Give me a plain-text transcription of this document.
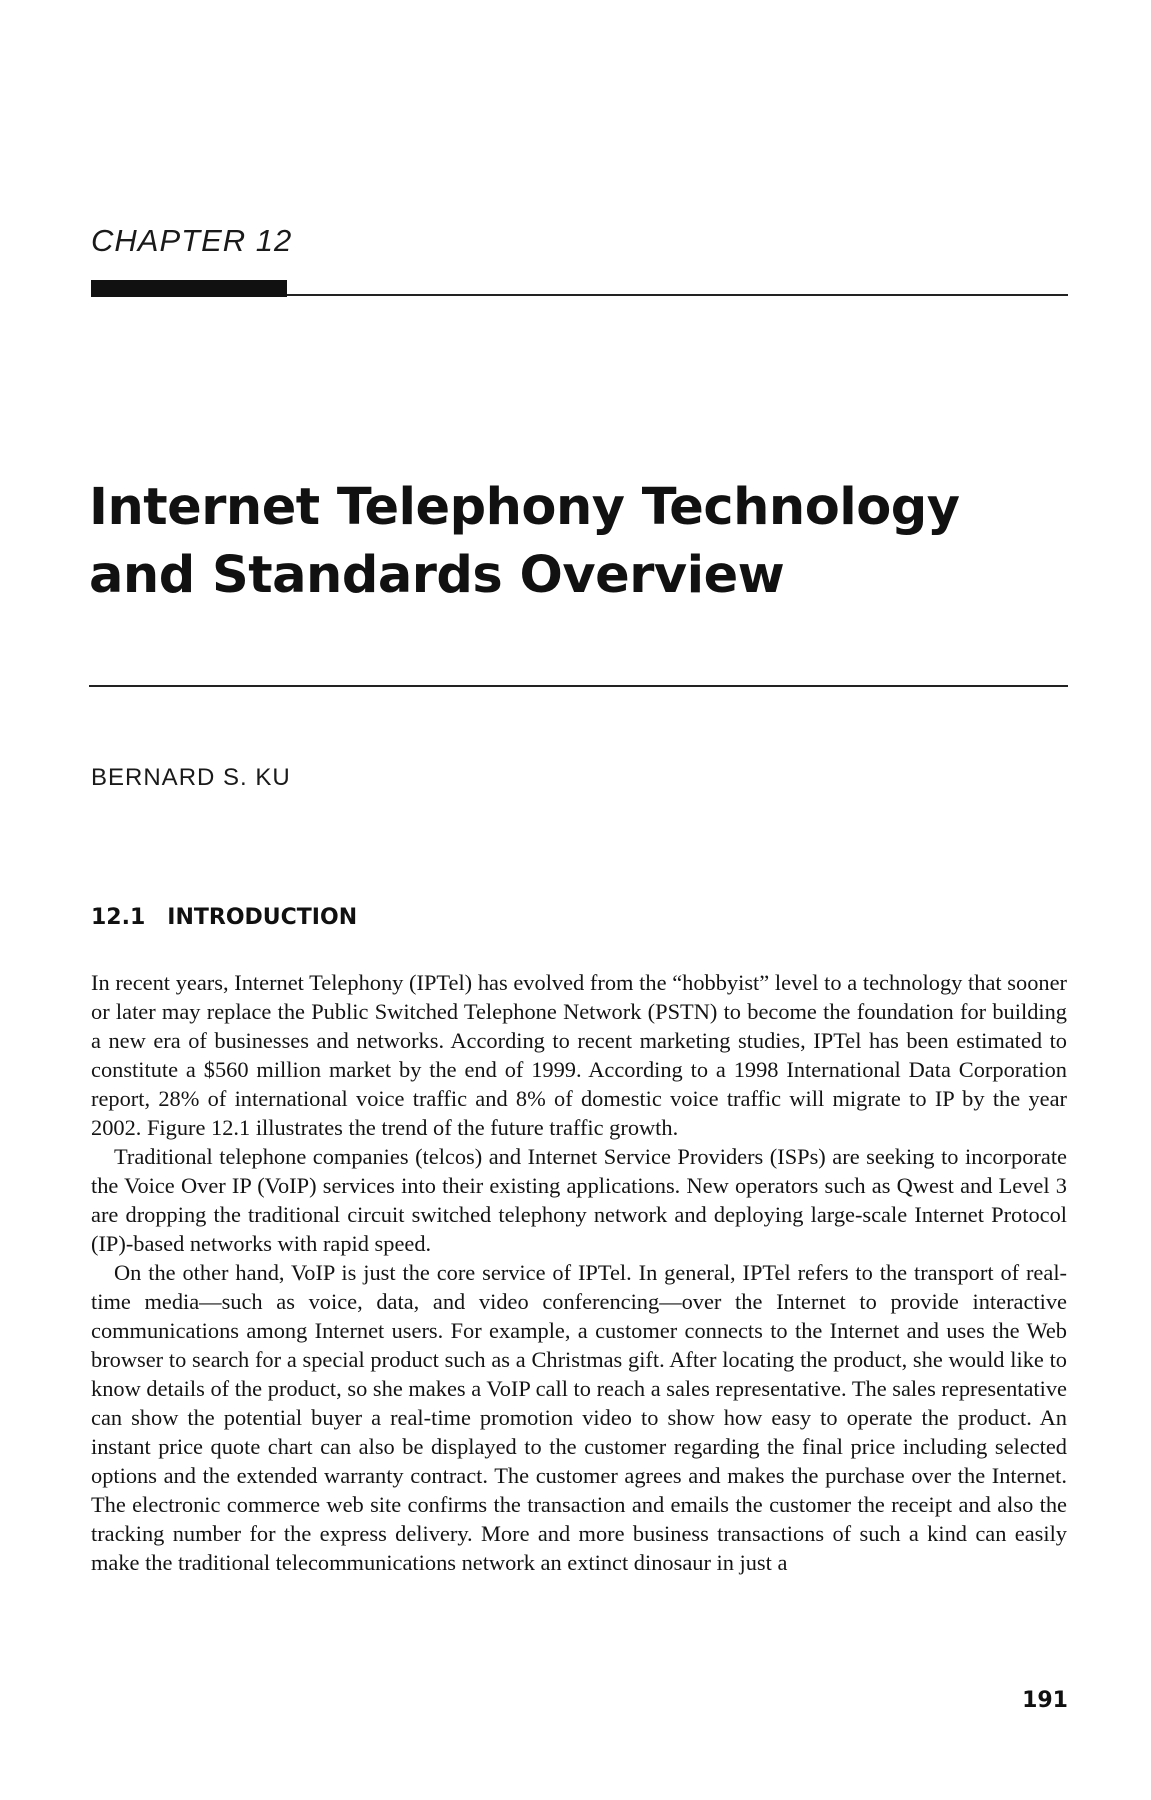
CHAPTER 12
Internet Telephony Technology
and Standards Overview
BERNARD S. KU
12.1 INTRODUCTION

In recent years, Internet Telephony (IPTel) has evolved from the “hobbyist” level to a technology that sooner or later may replace the Public Switched Telephone Network (PSTN) to become the foundation for building a new era of businesses and networks. According to recent marketing studies, IPTel has been estimated to constitute a $560 million market by the end of 1999. According to a 1998 International Data Corporation report, 28% of international voice traffic and 8% of domestic voice traffic will migrate to IP by the year 2002. Figure 12.1 illustrates the trend of the future traffic growth.

Traditional telephone companies (telcos) and Internet Service Providers (ISPs) are seeking to incorporate the Voice Over IP (VoIP) services into their existing applications. New operators such as Qwest and Level 3 are dropping the traditional circuit switched telephony network and deploying large-scale Internet Protocol (IP)-based networks with rapid speed.

On the other hand, VoIP is just the core service of IPTel. In general, IPTel refers to the transport of real-time media—such as voice, data, and video conferencing—over the Internet to provide interactive communications among Internet users. For example, a customer connects to the Internet and uses the Web browser to search for a special product such as a Christmas gift. After locating the product, she would like to know details of the product, so she makes a VoIP call to reach a sales representative. The sales representative can show the potential buyer a real-time promotion video to show how easy to operate the product. An instant price quote chart can also be displayed to the customer regarding the final price including selected options and the extended warranty contract. The customer agrees and makes the purchase over the Internet. The electronic commerce web site confirms the transaction and emails the customer the receipt and also the tracking number for the express delivery. More and more business transactions of such a kind can easily make the traditional telecommunications network an extinct dinosaur in just a

191
